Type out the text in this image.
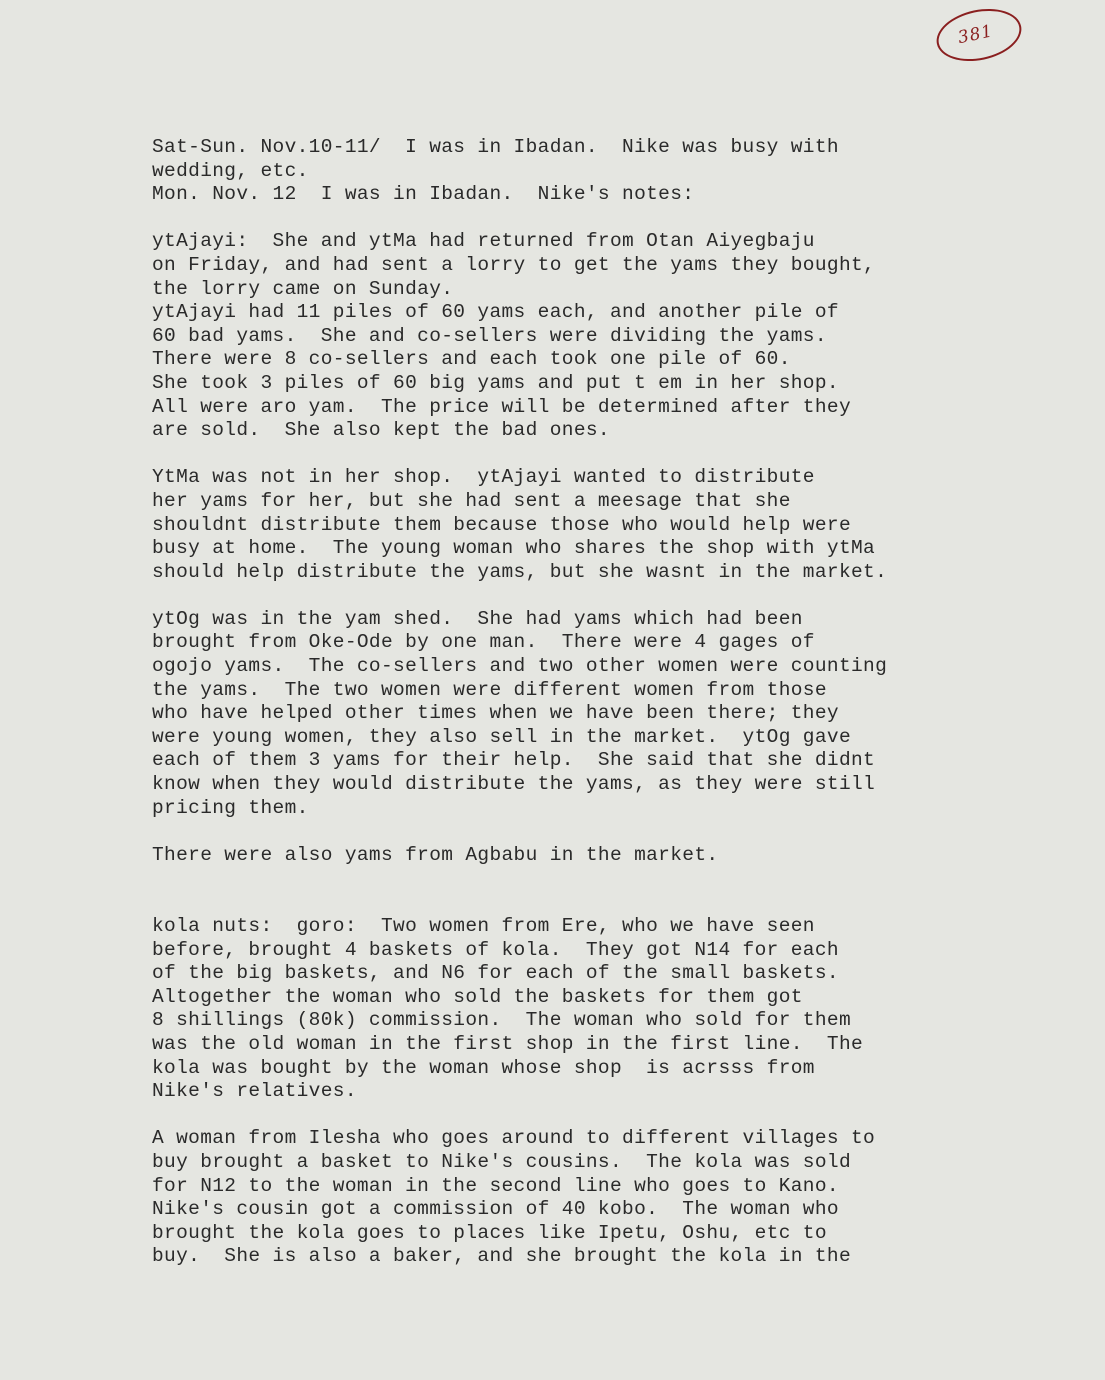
381
Sat-Sun. Nov.10-11/  I was in Ibadan.  Nike was busy with
wedding, etc.
Mon. Nov. 12  I was in Ibadan.  Nike's notes:
ytAjayi:  She and ytMa had returned from Otan Aiyegbaju
on Friday, and had sent a lorry to get the yams they bought,
the lorry came on Sunday.
ytAjayi had 11 piles of 60 yams each, and another pile of
60 bad yams.  She and co-sellers were dividing the yams.
There were 8 co-sellers and each took one pile of 60.
She took 3 piles of 60 big yams and put t em in her shop.
All were aro yam.  The price will be determined after they
are sold.  She also kept the bad ones.
YtMa was not in her shop.  ytAjayi wanted to distribute
her yams for her, but she had sent a meesage that she
shouldnt distribute them because those who would help were
busy at home.  The young woman who shares the shop with ytMa
should help distribute the yams, but she wasnt in the market.
ytOg was in the yam shed.  She had yams which had been
brought from Oke-Ode by one man.  There were 4 gages of
ogojo yams.  The co-sellers and two other women were counting
the yams.  The two women were different women from those
who have helped other times when we have been there; they
were young women, they also sell in the market.  ytOg gave
each of them 3 yams for their help.  She said that she didnt
know when they would distribute the yams, as they were still
pricing them.
There were also yams from Agbabu in the market.
kola nuts:  goro:  Two women from Ere, who we have seen
before, brought 4 baskets of kola.  They got N14 for each
of the big baskets, and N6 for each of the small baskets.
Altogether the woman who sold the baskets for them got
8 shillings (80k) commission.  The woman who sold for them
was the old woman in the first shop in the first line.  The
kola was bought by the woman whose shop  is acrsss from
Nike's relatives.
A woman from Ilesha who goes around to different villages to
buy brought a basket to Nike's cousins.  The kola was sold
for N12 to the woman in the second line who goes to Kano.
Nike's cousin got a commission of 40 kobo.  The woman who
brought the kola goes to places like Ipetu, Oshu, etc to
buy.  She is also a baker, and she brought the kola in the
